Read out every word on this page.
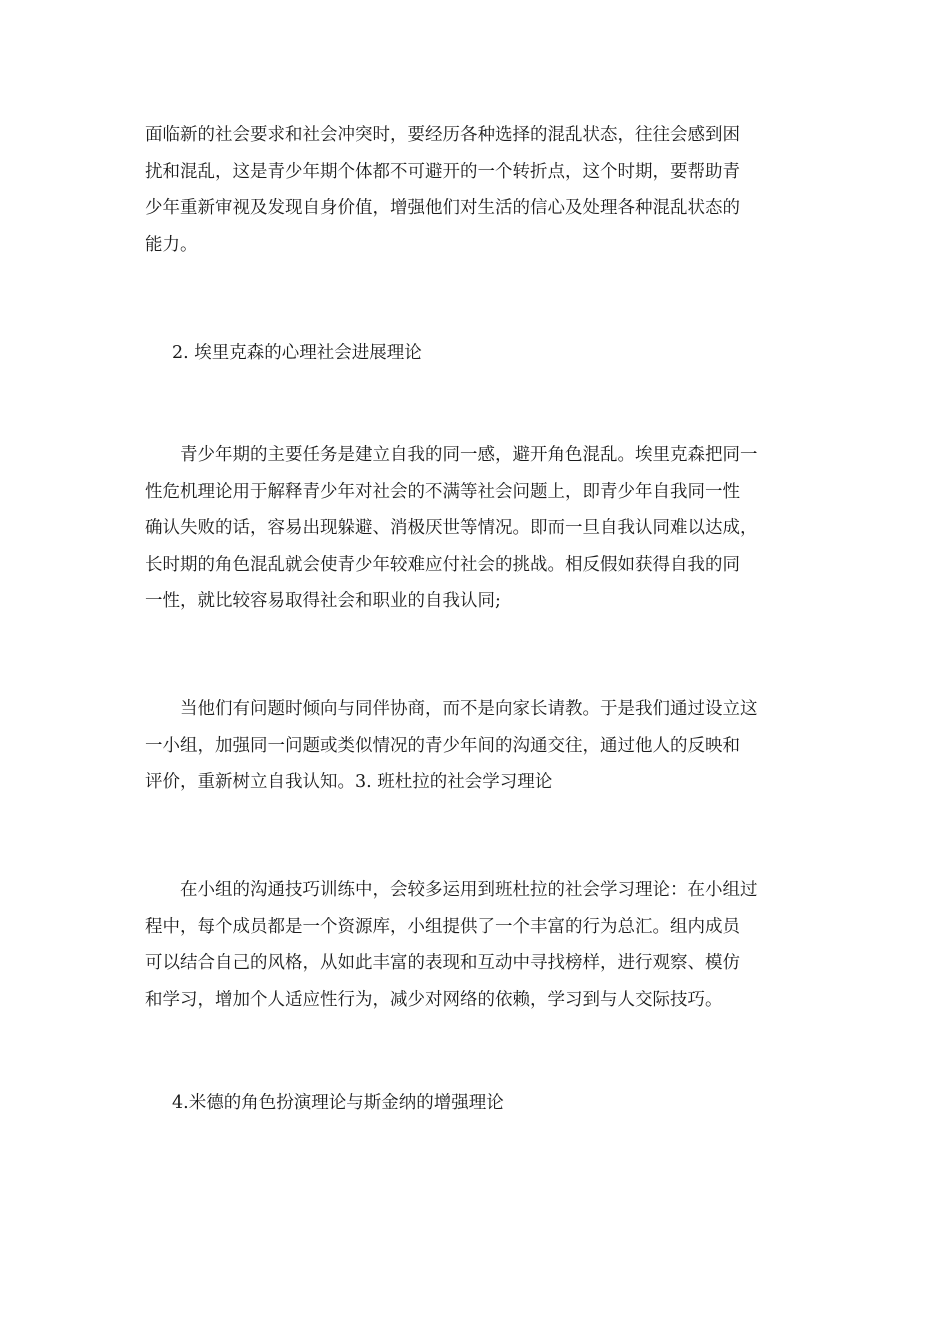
面临新的社会要求和社会冲突时，要经历各种选择的混乱状态，往往会感到困
扰和混乱，这是青少年期个体都不可避开的一个转折点，这个时期，要帮助青
少年重新审视及发现自身价值，增强他们对生活的信心及处理各种混乱状态的
能力。

2. 埃里克森的心理社会进展理论

青少年期的主要任务是建立自我的同一感，避开角色混乱。埃里克森把同一
性危机理论用于解释青少年对社会的不满等社会问题上，即青少年自我同一性
确认失败的话，容易出现躲避、消极厌世等情况。即而一旦自我认同难以达成，
长时期的角色混乱就会使青少年较难应付社会的挑战。相反假如获得自我的同
一性，就比较容易取得社会和职业的自我认同;

当他们有问题时倾向与同伴协商，而不是向家长请教。于是我们通过设立这
一小组，加强同一问题或类似情况的青少年间的沟通交往，通过他人的反映和
评价，重新树立自我认知。3. 班杜拉的社会学习理论

在小组的沟通技巧训练中，会较多运用到班杜拉的社会学习理论：在小组过
程中，每个成员都是一个资源库，小组提供了一个丰富的行为总汇。组内成员
可以结合自己的风格，从如此丰富的表现和互动中寻找榜样，进行观察、模仿
和学习，增加个人适应性行为，减少对网络的依赖，学习到与人交际技巧。

4.米德的角色扮演理论与斯金纳的增强理论
